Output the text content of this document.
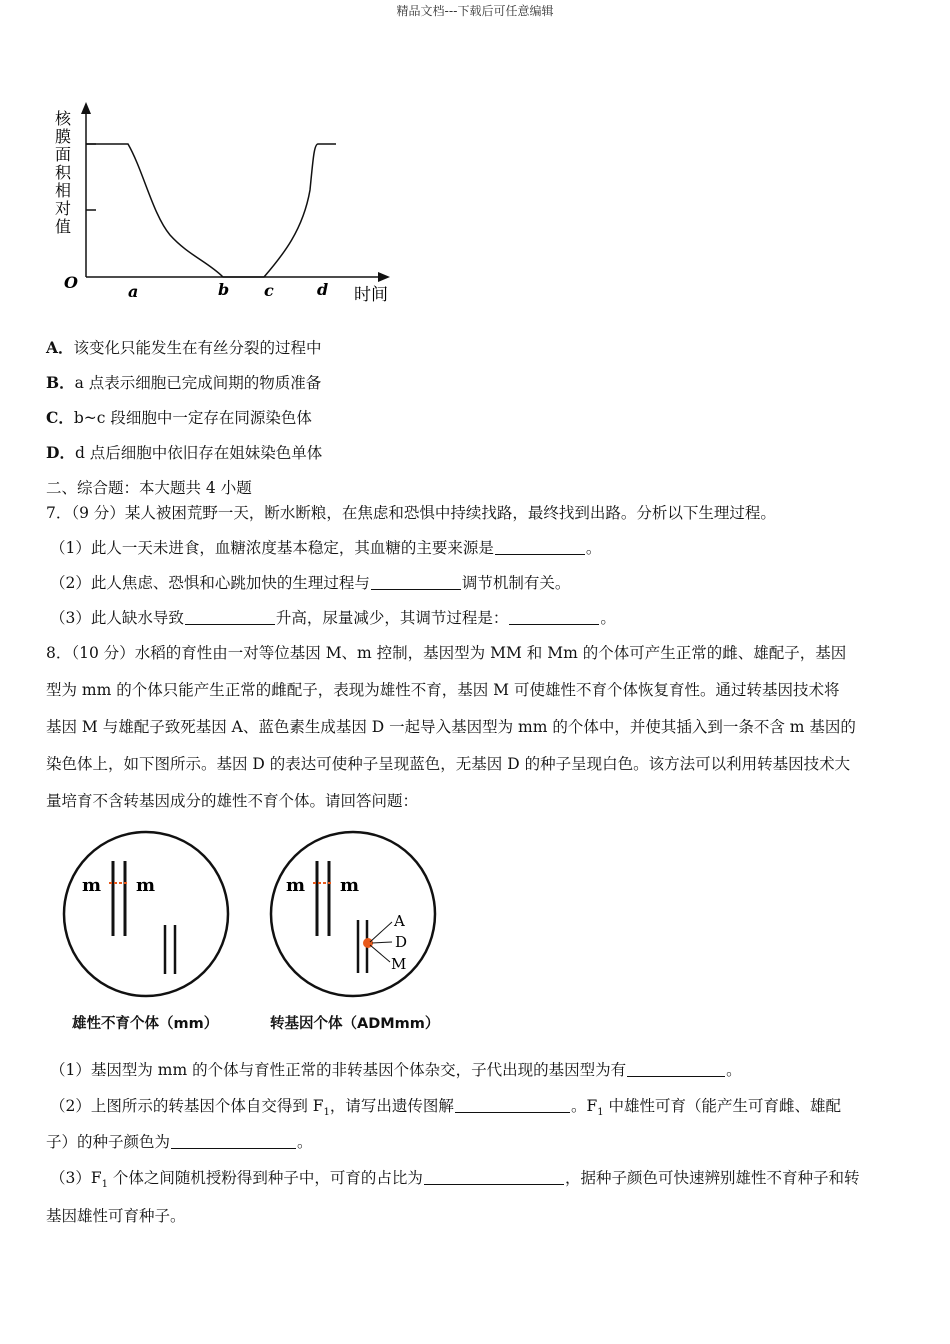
精品文档---下载后可任意编辑
核膜面积相对值
O	a	b c	d 时间
A．该变化只能发生在有丝分裂的过程中
B．a 点表示细胞已完成间期的物质准备
C．b~c 段细胞中一定存在同源染色体
D．d 点后细胞中依旧存在姐妹染色单体
二、综合题：本大题共 4 小题
7．（9 分）某人被困荒野一天，断水断粮，在焦虑和恐惧中持续找路，最终找到出路。分析以下生理过程。
（1）此人一天未进食，血糖浓度基本稳定，其血糖的主要来源是	。
（2）此人焦虑、恐惧和心跳加快的生理过程与	调节机制有关。
（3）此人缺水导致	升高，尿量减少，其调节过程是：	。
8．（10 分）水稻的育性由一对等位基因 M、m 控制，基因型为 MM 和 Mm 的个体可产生正常的雌、雄配子，基因
型为 mm 的个体只能产生正常的雌配子，表现为雄性不育，基因 M 可使雄性不育个体恢复育性。通过转基因技术将
基因 M 与雄配子致死基因 A、蓝色素生成基因 D 一起导入基因型为 mm 的个体中，并使其插入到一条不含 m 基因的
染色体上，如下图所示。基因 D 的表达可使种子呈现蓝色，无基因 D 的种子呈现白色。该方法可以利用转基因技术大
量培育不含转基因成分的雄性不育个体。请回答问题：
m m	m m
A
D
M
雄性不育个体（mm）	转基因个体（ADMmm）
（1）基因型为 mm 的个体与育性正常的非转基因个体杂交，子代出现的基因型为有	。
（2）上图所示的转基因个体自交得到 $F_1$，请写出遗传图解	。$F_1$ 中雄性可育（能产生可育雌、雄配
子）的种子颜色为	。
$(3)F_1$ 个体之间随机授粉得到种子中，可育的占比为	，据种子颜色可快速辨别雄性不育种子和转
基因雄性可育种子。
